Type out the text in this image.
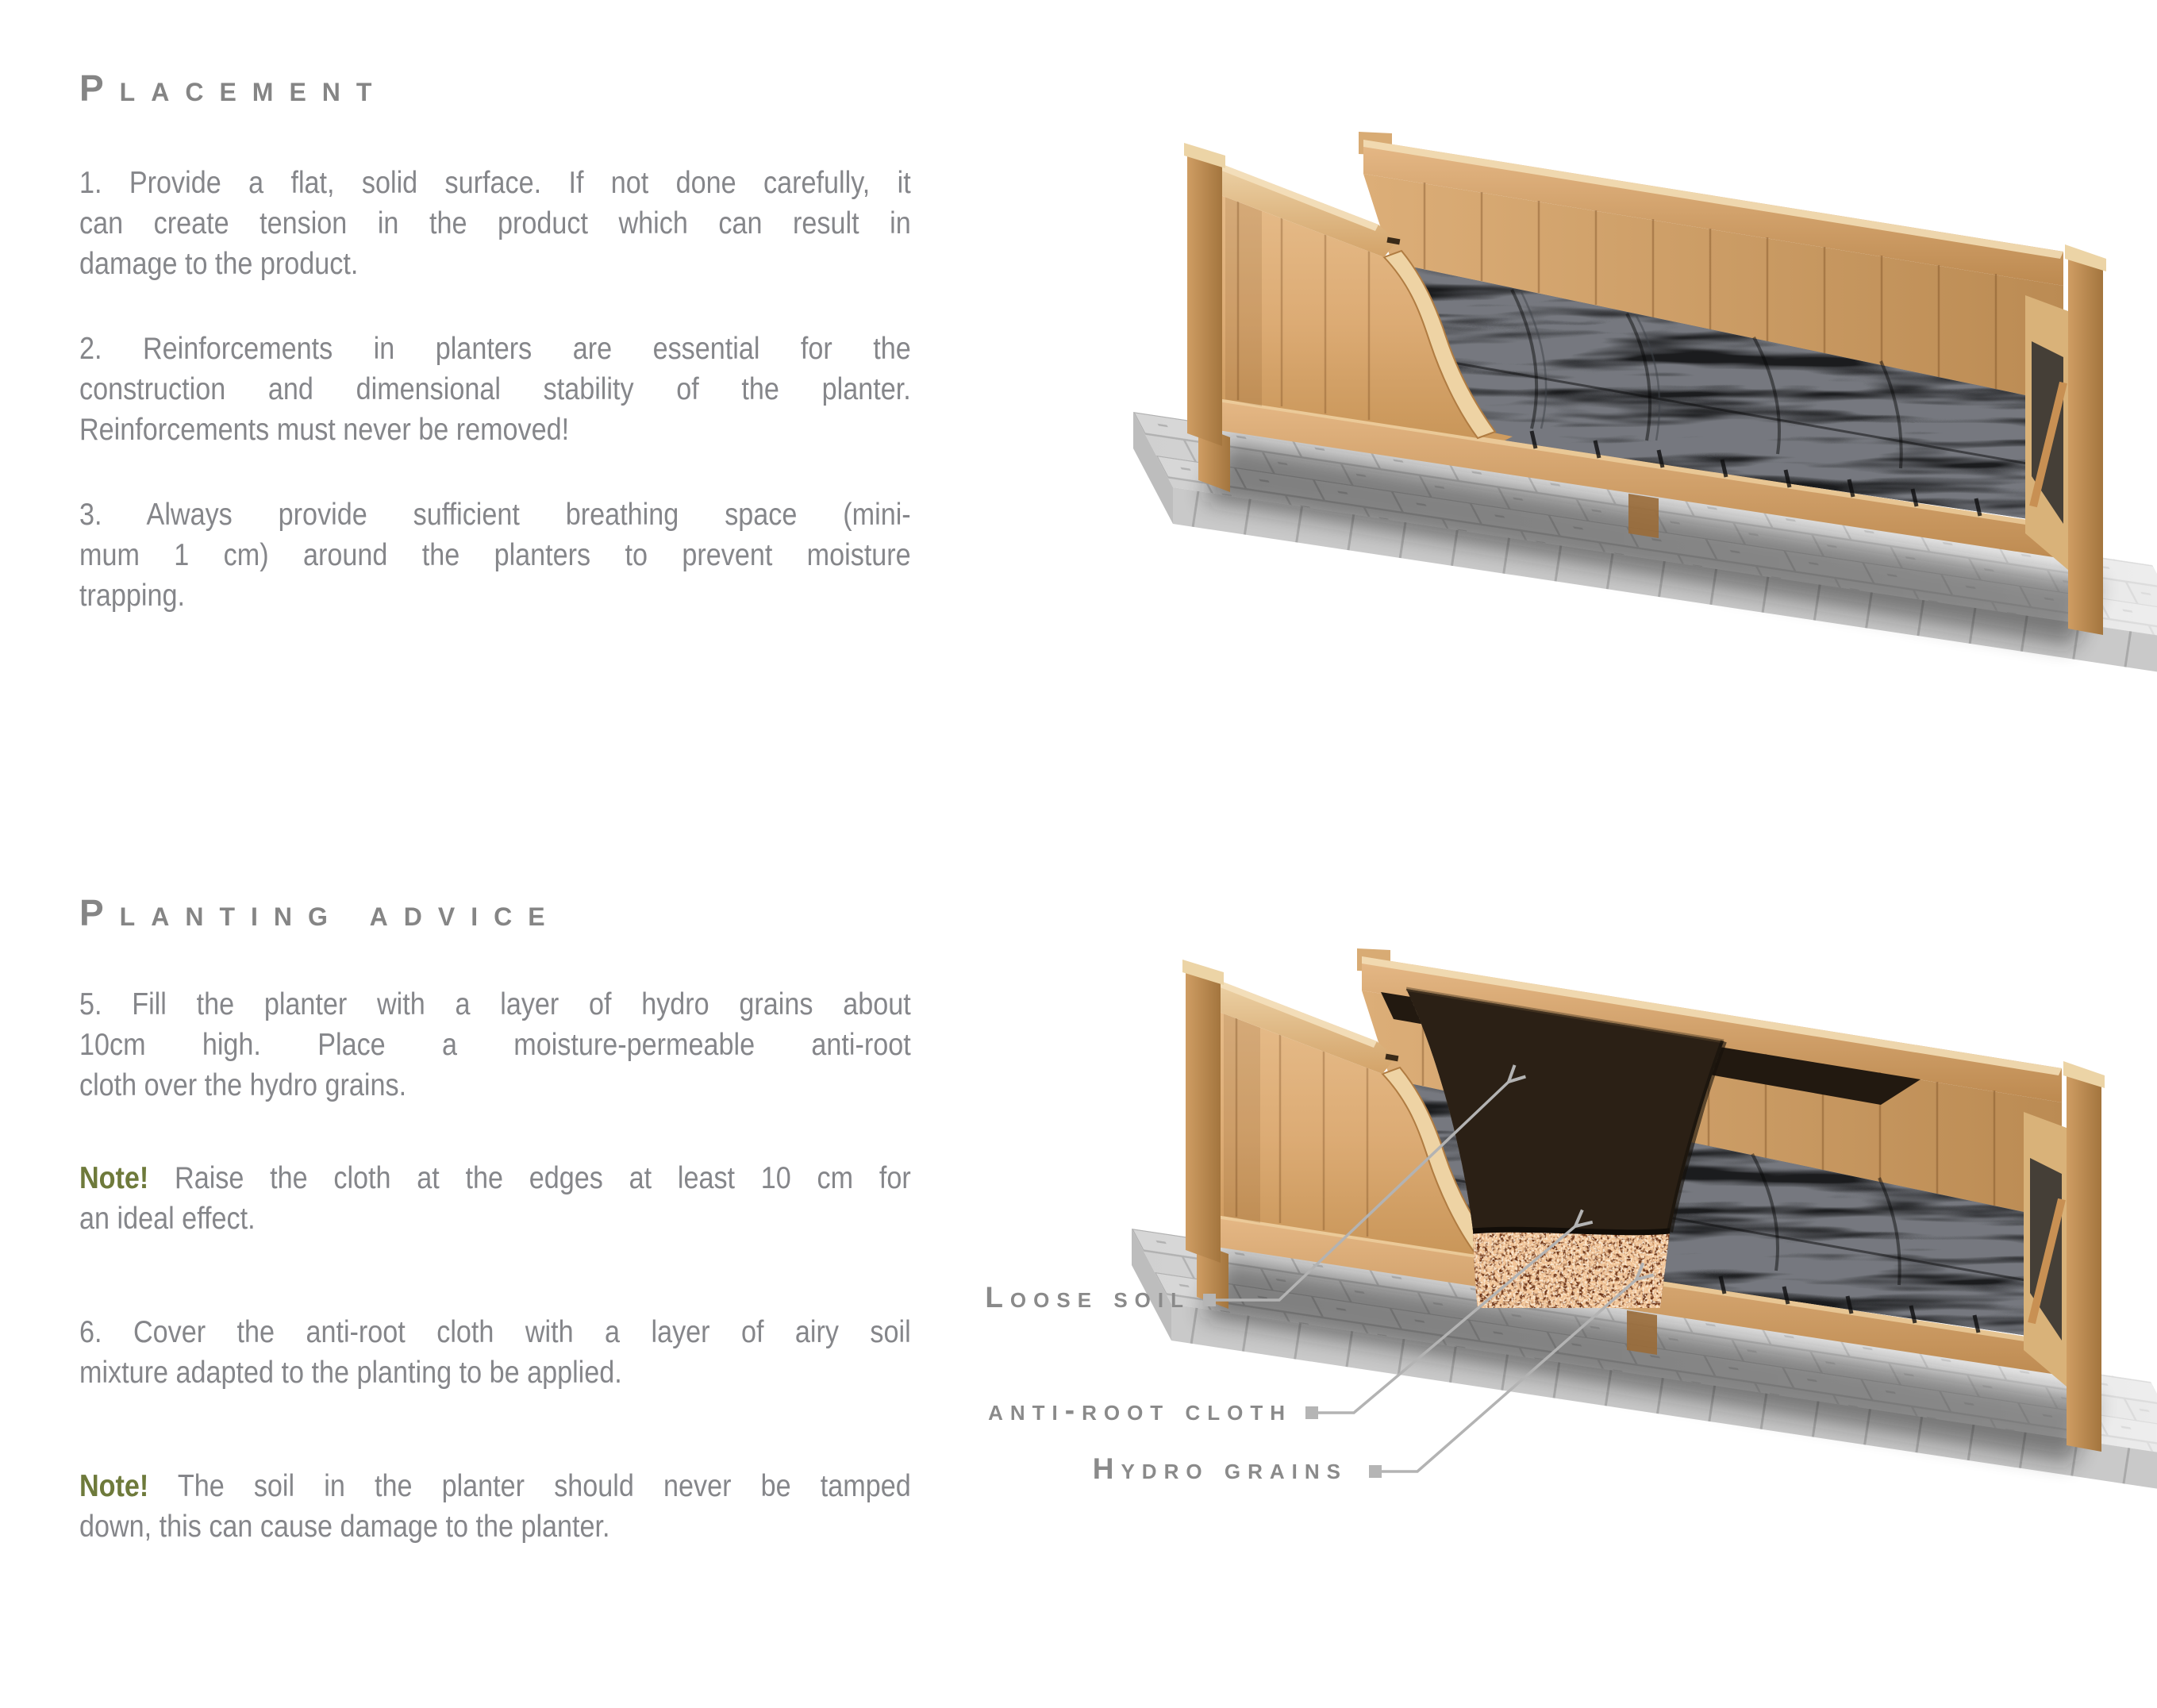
Placement
1. Provide a flat, solid surface. If not done carefully, it
can create tension in the product which can result in
damage to the product.
2. Reinforcements in planters are essential for the
construction and dimensional stability of the planter.
Reinforcements must never be removed!
3. Always provide sufficient breathing space (mini-
mum 1 cm) around the planters to prevent moisture
trapping.
Planting advice
5. Fill the planter with a layer of hydro grains about
10cm high. Place a moisture-permeable anti-root
cloth over the hydro grains.
Note! Raise the cloth at the edges at least 10 cm for
an ideal effect.
6. Cover the anti-root cloth with a layer of airy soil
mixture adapted to the planting to be applied.
Note! The soil in the planter should never be tamped
down, this can cause damage to the planter.
Loose soil
anti-root cloth
Hydro grains
